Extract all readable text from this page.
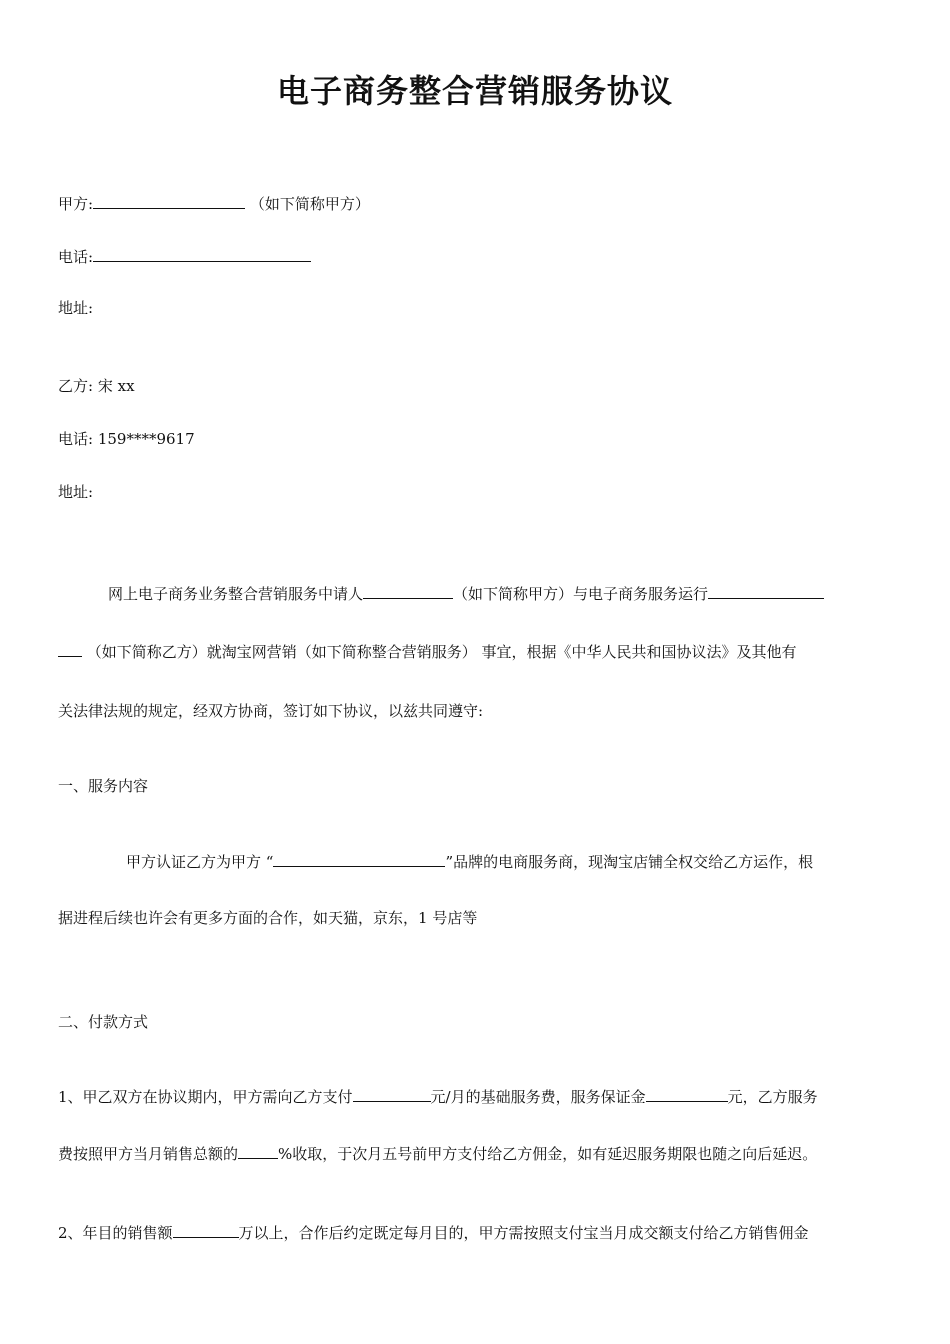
电子商务整合营销服务协议
甲方:	（如下简称甲方）
电话:
地址:
乙方: 宋 xx
电话: 159****9617
地址:
网上电子商务业务整合营销服务中请人	（如下简称甲方）与电子商务服务运行
（如下简称乙方）就淘宝网营销（如下简称整合营销服务） 事宜，根据《中华人民共和国协议法》及其他有
关法律法规的规定，经双方协商，签订如下协议，以兹共同遵守:
一、服务内容
甲方认证乙方为甲方 “	”品牌的电商服务商，现淘宝店铺全权交给乙方运作，根
据进程后续也许会有更多方面的合作，如天猫，京东，1 号店等
二、付款方式
1、甲乙双方在协议期内，甲方需向乙方支付	元/月的基础服务费，服务保证金	元，乙方服务
费按照甲方当月销售总额的	%收取，于次月五号前甲方支付给乙方佣金，如有延迟服务期限也随之向后延迟。
2、年目的销售额	万以上，合作后约定既定每月目的，甲方需按照支付宝当月成交额支付给乙方销售佣金
